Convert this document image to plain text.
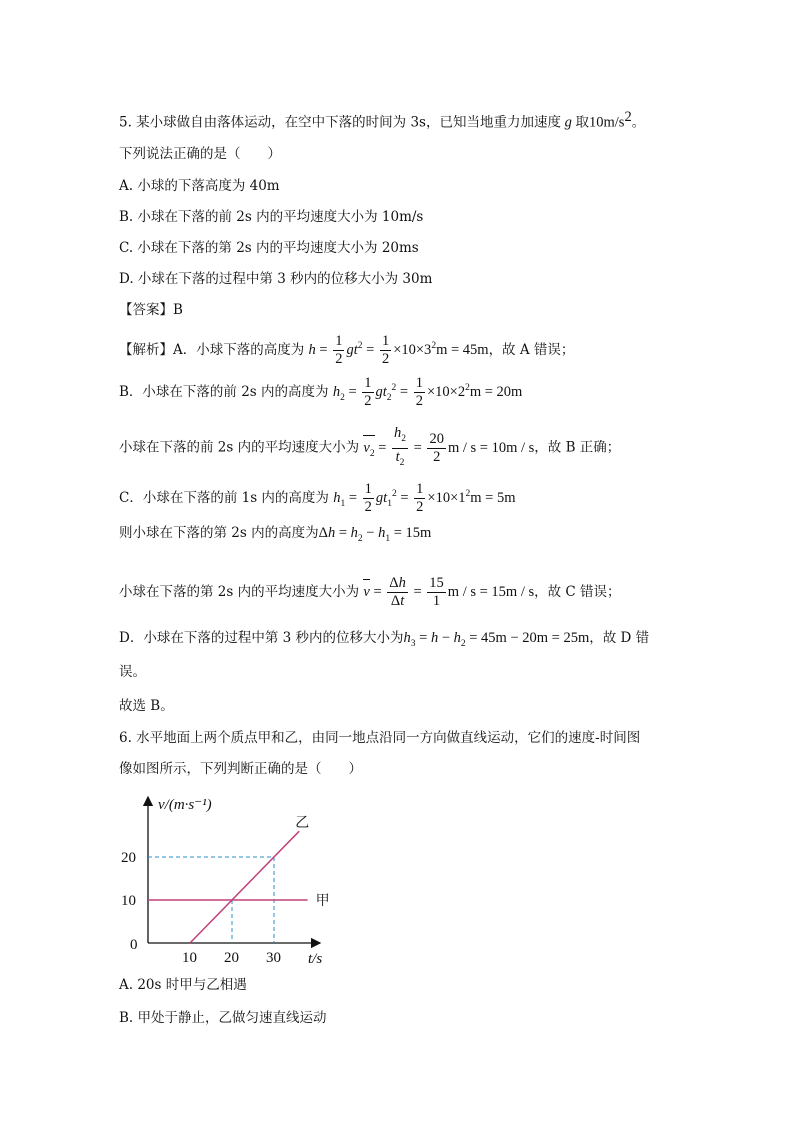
5. 某小球做自由落体运动，在空中下落的时间为 3s，已知当地重力加速度 g 取$10m/s^2$。
下列说法正确的是（　　）
A. 小球的下落高度为 40m
B. 小球在下落的前 2s 内的平均速度大小为 10m/s
C. 小球在下落的第 2s 内的平均速度大小为 20ms
D. 小球在下落的过程中第 3 秒内的位移大小为 30m
【答案】B
【解析】A．小球下落的高度为 $h = \frac{1}{2} gt^2 = \frac{1}{2} \times 10\times 3^2m = 45m$，故 A 错误；
B．小球在下落的前 2s 内的高度为 $h_2 = \frac{1}{2} gt_2^2 = \frac{1}{2} \times 10\times 2^2m = 20m$
小球在下落的前 2s 内的平均速度大小为 $v_2 = \frac{h_2}{t_2} = \frac{20}{2}$ m / s = 10m / s，故 B 正确；
C．小球在下落的前 1s 内的高度为 $h_1 = \frac{1}{2} gt_1^2 = \frac{1}{2} \times 10\times 1^2m = 5m$
则小球在下落的第 2s 内的高度为$\Delta h = h_2 - h_1 = 15m$
小球在下落的第 2s 内的平均速度大小为 $v = \frac{\Delta h}{\Delta t} = \frac{15}{1}$ m / s = 15m / s，故 C 错误；
D．小球在下落的过程中第 3 秒内的位移大小为$h_3 = h - h_2 = 45m - 20m = 25m$，故 D 错
误。
故选 B。
6. 水平地面上两个质点甲和乙，由同一地点沿同一方向做直线运动，它们的速度-时间图
像如图所示，下列判断正确的是（　　）
甲
乙
10 20 30
10
20
0
v/(m·s⁻¹)
t/s
A. 20s 时甲与乙相遇
B. 甲处于静止，乙做匀速直线运动
